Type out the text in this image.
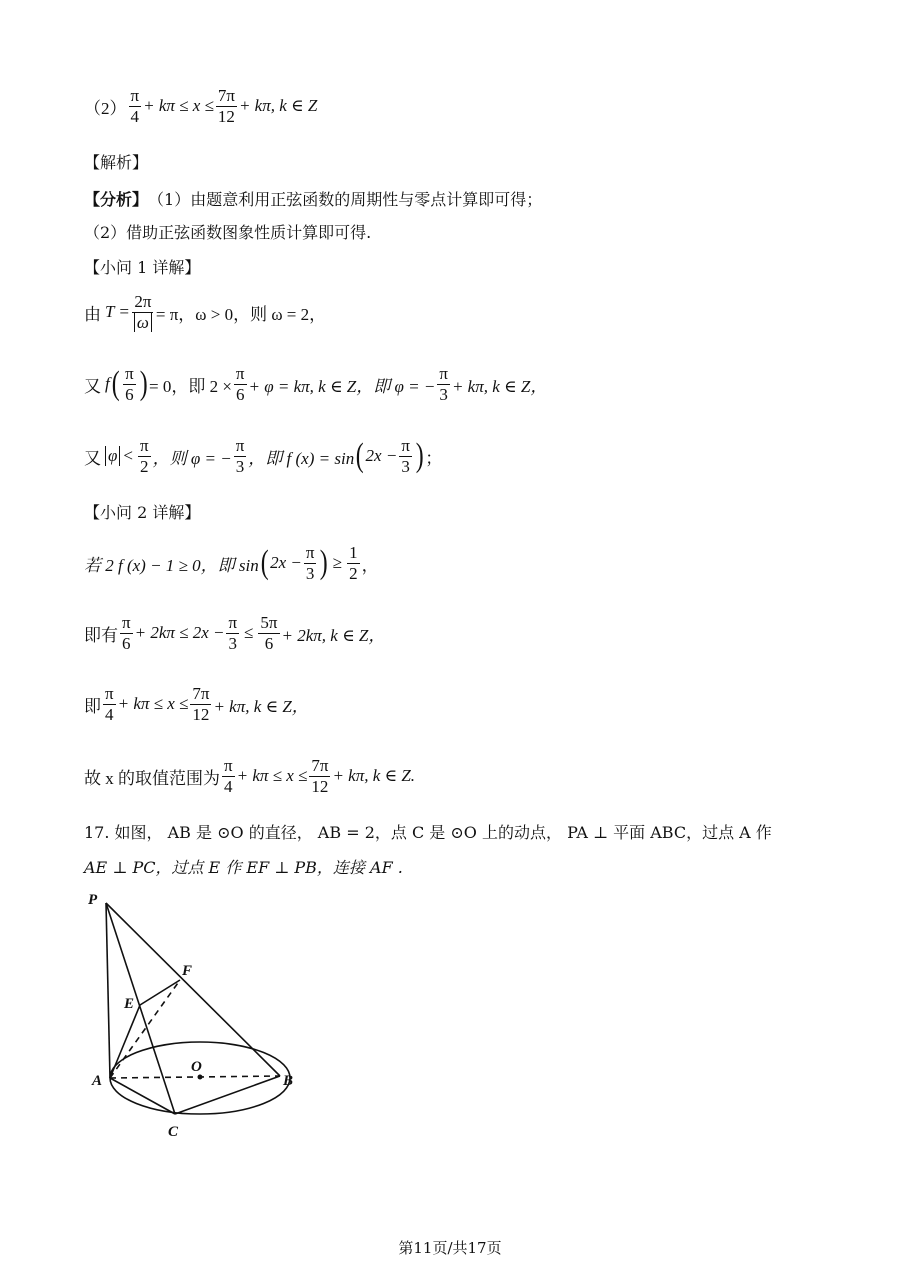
$(2) \frac{\pi}{4} + k\pi \le x \le \frac{7\pi}{12} + k\pi$, k ∈ Z
【解析】
【分析】 （1）由题意利用正弦函数的周期性与零点计算即可得；
（2）借助正弦函数图象性质计算即可得.
【小问 1 详解】
由 $T = \frac{2\pi}{\omega} = \pi$，ω > 0，则 ω = 2，
又 f ( $\frac{\pi}{6}$ ) = 0，即 $2 \times \frac{\pi}{6} + \varphi = k\pi$, k ∈ Z，即 φ = − $\frac{\pi}{3} + k\pi$, k ∈ Z，
又 $\varphi < \frac{\pi}{2}$ ，则 φ = − $\frac{\pi}{3}$ ，即 f (x) = sin ( $2x - \frac{\pi}{3}$ ) ；
【小问 2 详解】
若 2 f (x) − 1 ≥ 0，即 sin ( $2x - \frac{\pi}{3}$ ) ≥ $\frac{1}{2}$ ，
即有 $\frac{\pi}{6} + 2k\pi \le 2x - \frac{\pi}{3} \le \frac{5\pi}{6} + 2k\pi$, k ∈ Z，
即 $\frac{\pi}{4} + k\pi \le x \le \frac{7\pi}{12} + k\pi$, k ∈ Z，
故 x 的取值范围为 $\frac{\pi}{4} + k\pi \le x \le \frac{7\pi}{12} + k\pi$, k ∈ Z.
17. 如图， AB 是 ⊙O 的直径， AB = 2，点 C 是 ⊙O 上的动点， PA ⊥ 平面 ABC，过点 A 作
AE ⊥ PC，过点 E 作 EF ⊥ PB，连接 AF .
P
F
E
O
A	B
C
第11页/共17页
